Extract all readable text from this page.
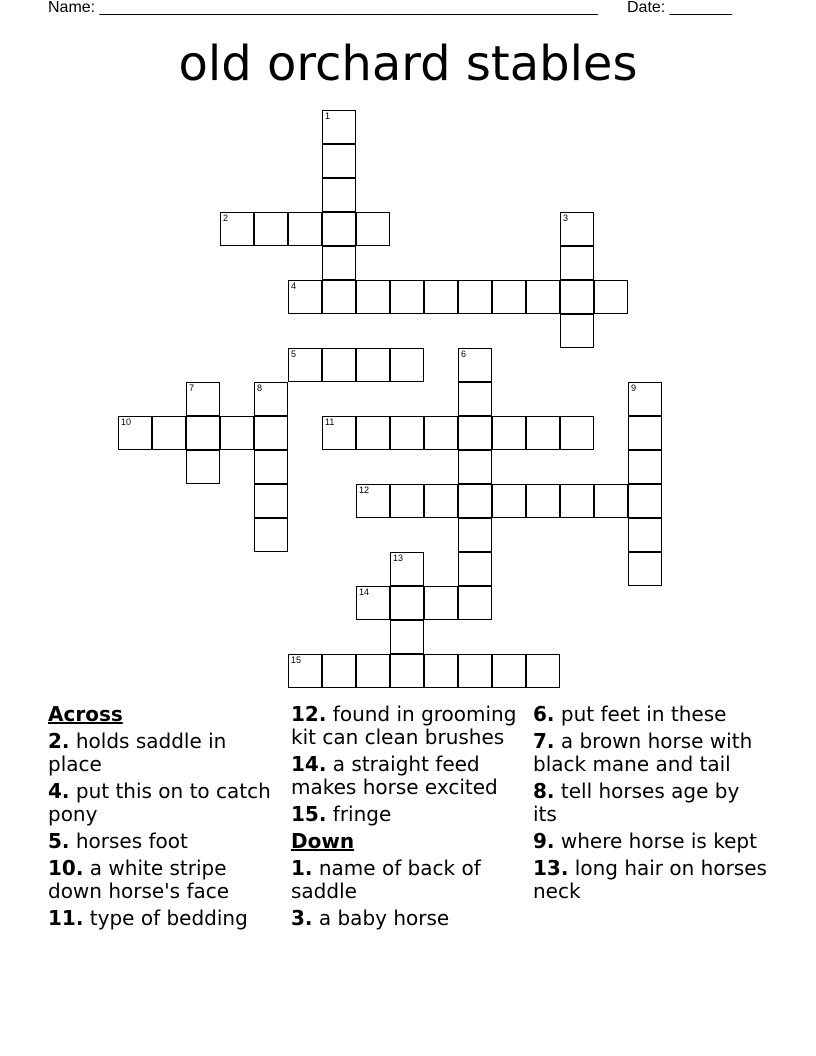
Name: ________________________________________________________ Date: _______
old orchard stables
1
2	3
4
5	6
7	8	9
10	11
12
13
14
15
Across
2. holds saddle in place
4. put this on to catch pony
5. horses foot
10. a white stripe down horse's face
11. type of bedding
12. found in grooming kit can clean brushes
14. a straight feed makes horse excited
15. fringe
Down
1. name of back of saddle
3. a baby horse
6. put feet in these
7. a brown horse with black mane and tail
8. tell horses age by its
9. where horse is kept
13. long hair on horses neck
